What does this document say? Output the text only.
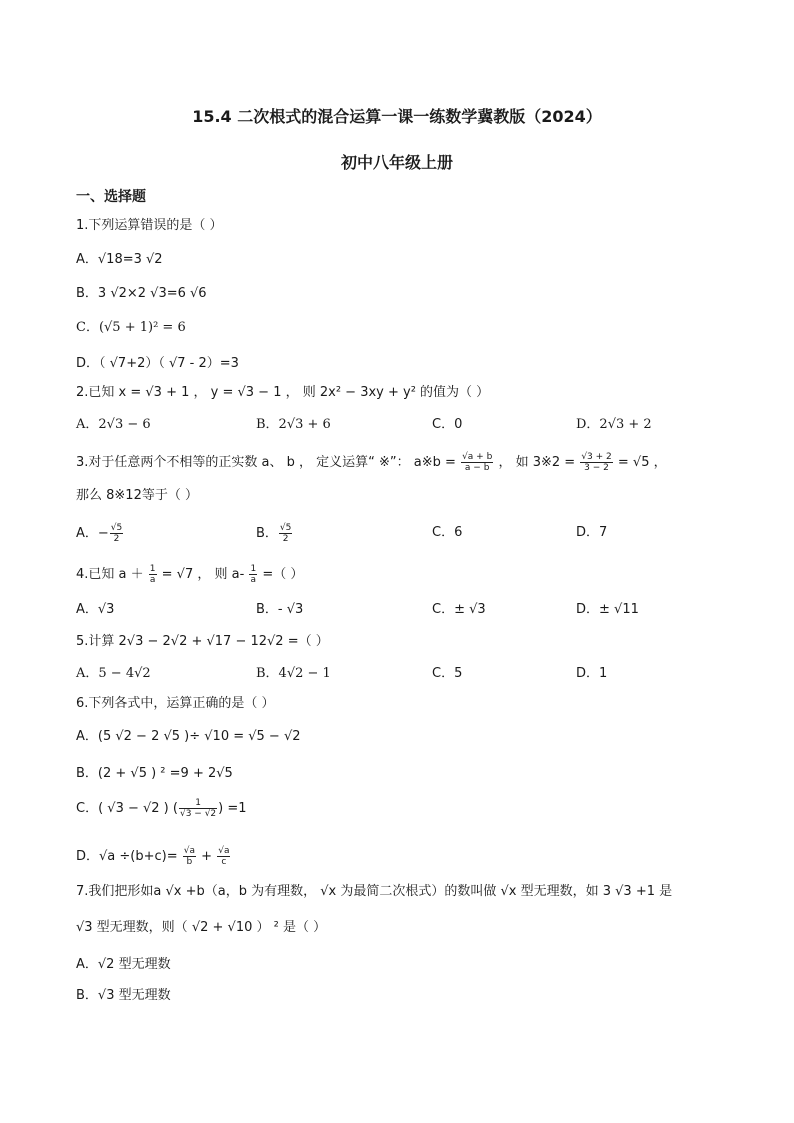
15.4 二次根式的混合运算一课一练数学冀教版（2024）
初中八年级上册
一、选择题
1.下列运算错误的是（ ）
A．√18=3 √2
B．3 √2×2 √3=6 √6
C．(√5 + 1)² = 6
D．（ √7+2）（ √7 - 2）=3
2.已知 x = √3 + 1 ， y = √3 − 1 ， 则 2x² − 3xy + y² 的值为（ ）
A．2√3 − 6	B．2√3 + 6	C．0	D．2√3 + 2
3.对于任意两个不相等的正实数 a、 b ， 定义运算“ ※”： a※b = $\frac{√a + b}{a - b}$ ， 如 3※2 = $\frac{√3 + 2}{3 - 2} = √5$ ，
那么 8※12等于（ ）
A．− $\frac{√5}{2}$	B． $\frac{√5}{2}$	C．6	D．7
4.已知 $a + \frac{1}{a} = √7$ ， 则 $a- \frac{1}{a}$ =（ ）
A．√3	B．- √3	C．± √3	D．± √11
5.计算 2√3 − 2√2 + √17 − 12√2 =（ ）
A．5 − 4√2	B．4√2 − 1	C．5	D．1
6.下列各式中，运算正确的是（ ）
A．(5 √2 − 2 √5 )÷ √10 = √5 − √2
B．(2 + √5 ) ² =9 + 2√5
C．( √3 − √2 ) ( $\frac{1}{√3 - √2}$ ) =1
D．$√a \div(b+c)= \frac{√a}{b} + \frac{√a}{c}$
7.我们把形如a √x +b（a，b 为有理数， √x 为最简二次根式）的数叫做 √x 型无理数，如 3 √3 +1 是
√3 型无理数，则（ √2 + √10 ） ² 是（ ）
A．√2 型无理数
B．√3 型无理数
